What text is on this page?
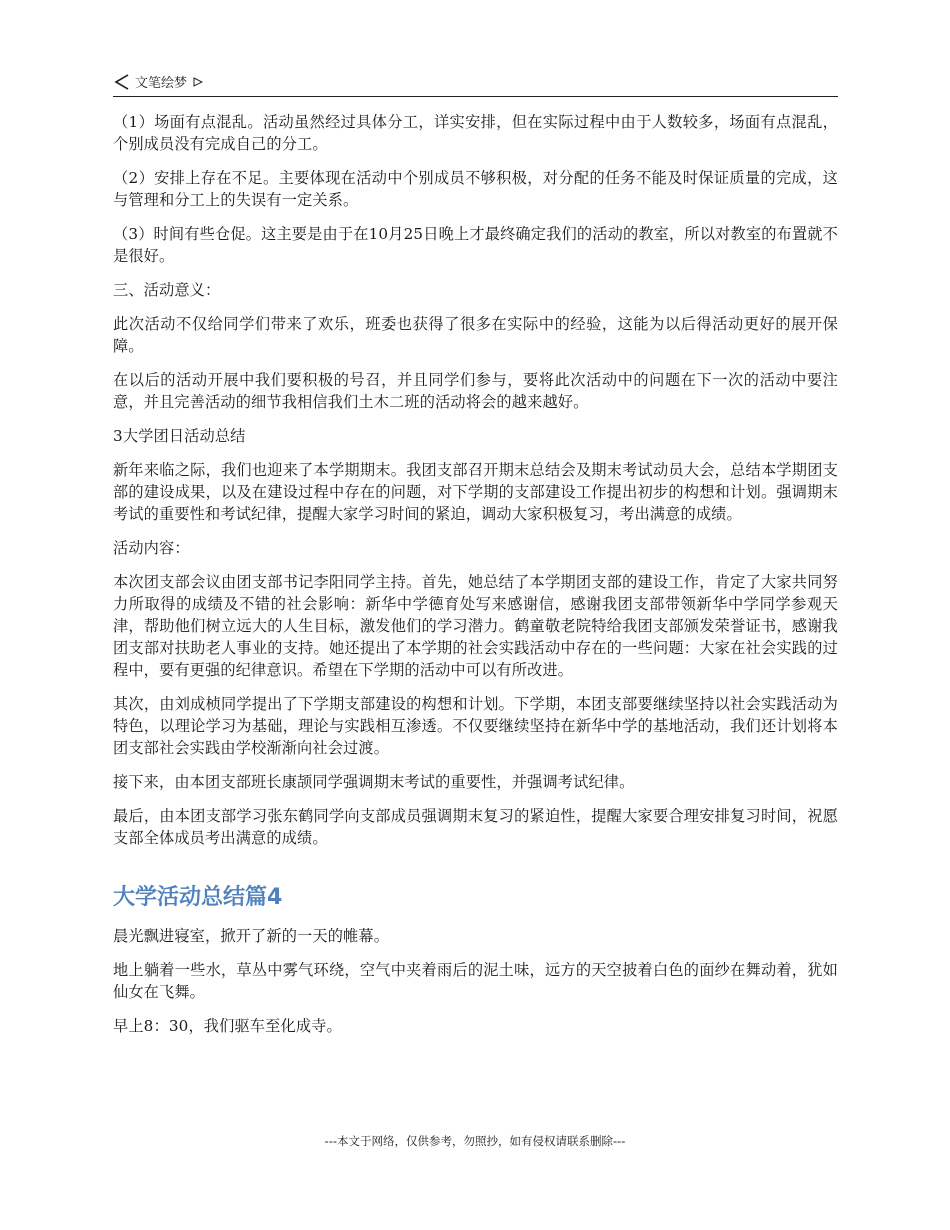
文笔绘梦

（1）场面有点混乱。活动虽然经过具体分工，详实安排，但在实际过程中由于人数较多，场面有点混乱，个别成员没有完成自己的分工。

（2）安排上存在不足。主要体现在活动中个别成员不够积极，对分配的任务不能及时保证质量的完成，这与管理和分工上的失误有一定关系。

（3）时间有些仓促。这主要是由于在10月25日晚上才最终确定我们的活动的教室，所以对教室的布置就不是很好。

三、活动意义：

此次活动不仅给同学们带来了欢乐，班委也获得了很多在实际中的经验，这能为以后得活动更好的展开保障。

在以后的活动开展中我们要积极的号召，并且同学们参与，要将此次活动中的问题在下一次的活动中要注意，并且完善活动的细节我相信我们土木二班的活动将会的越来越好。

3大学团日活动总结

新年来临之际，我们也迎来了本学期期末。我团支部召开期末总结会及期末考试动员大会，总结本学期团支部的建设成果，以及在建设过程中存在的问题，对下学期的支部建设工作提出初步的构想和计划。强调期末考试的重要性和考试纪律，提醒大家学习时间的紧迫，调动大家积极复习，考出满意的成绩。

活动内容：

本次团支部会议由团支部书记李阳同学主持。首先，她总结了本学期团支部的建设工作，肯定了大家共同努力所取得的成绩及不错的社会影响：新华中学德育处写来感谢信，感谢我团支部带领新华中学同学参观天津，帮助他们树立远大的人生目标，激发他们的学习潜力。鹤童敬老院特给我团支部颁发荣誉证书，感谢我团支部对扶助老人事业的支持。她还提出了本学期的社会实践活动中存在的一些问题：大家在社会实践的过程中，要有更强的纪律意识。希望在下学期的活动中可以有所改进。

其次，由刘成桢同学提出了下学期支部建设的构想和计划。下学期，本团支部要继续坚持以社会实践活动为特色，以理论学习为基础，理论与实践相互渗透。不仅要继续坚持在新华中学的基地活动，我们还计划将本团支部社会实践由学校渐渐向社会过渡。

接下来，由本团支部班长康颉同学强调期末考试的重要性，并强调考试纪律。

最后，由本团支部学习张东鹤同学向支部成员强调期末复习的紧迫性，提醒大家要合理安排复习时间，祝愿支部全体成员考出满意的成绩。

大学活动总结篇4

晨光飘进寝室，掀开了新的一天的帷幕。

地上躺着一些水，草丛中雾气环绕，空气中夹着雨后的泥土味，远方的天空披着白色的面纱在舞动着，犹如仙女在飞舞。

早上8：30，我们驱车至化成寺。

---本文于网络，仅供参考，勿照抄，如有侵权请联系删除---
